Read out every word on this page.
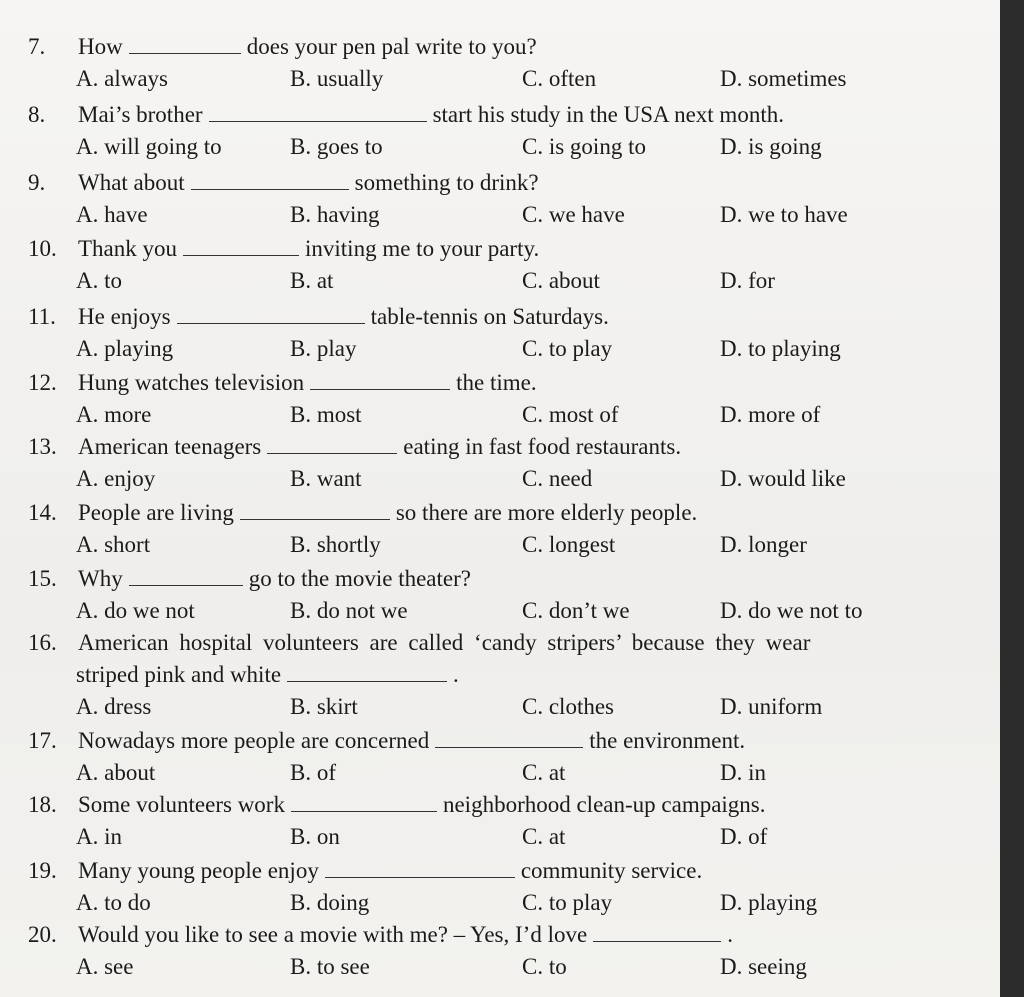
7. How	does your pen pal write to you?
A. always	B. usually	C. often	D. sometimes
8. Mai’s brother	start his study in the USA next month.
A. will going to	B. goes to	C. is going to	D. is going
9. What about	something to drink?
A. have	B. having	C. we have	D. we to have
10. Thank you	inviting me to your party.
A. to	B. at	C. about	D. for
11. He enjoys	table-tennis on Saturdays.
A. playing	B. play	C. to play	D. to playing
12. Hung watches television	the time.
A. more	B. most	C. most of	D. more of
13. American teenagers	eating in fast food restaurants.
A. enjoy	B. want	C. need	D. would like
14. People are living	so there are more elderly people.
A. short	B. shortly	C. longest	D. longer
15. Why	go to the movie theater?
A. do we not	B. do not we	C. don’t we	D. do we not to
16. American hospital volunteers are called ‘candy stripers’ because they wear
striped pink and white	.
A. dress	B. skirt	C. clothes	D. uniform
17. Nowadays more people are concerned	the environment.
A. about	B. of	C. at	D. in
18. Some volunteers work	neighborhood clean-up campaigns.
A. in	B. on	C. at	D. of
19. Many young people enjoy	community service.
A. to do	B. doing	C. to play	D. playing
20. Would you like to see a movie with me? – Yes, I’d love	.
A. see	B. to see	C. to	D. seeing
